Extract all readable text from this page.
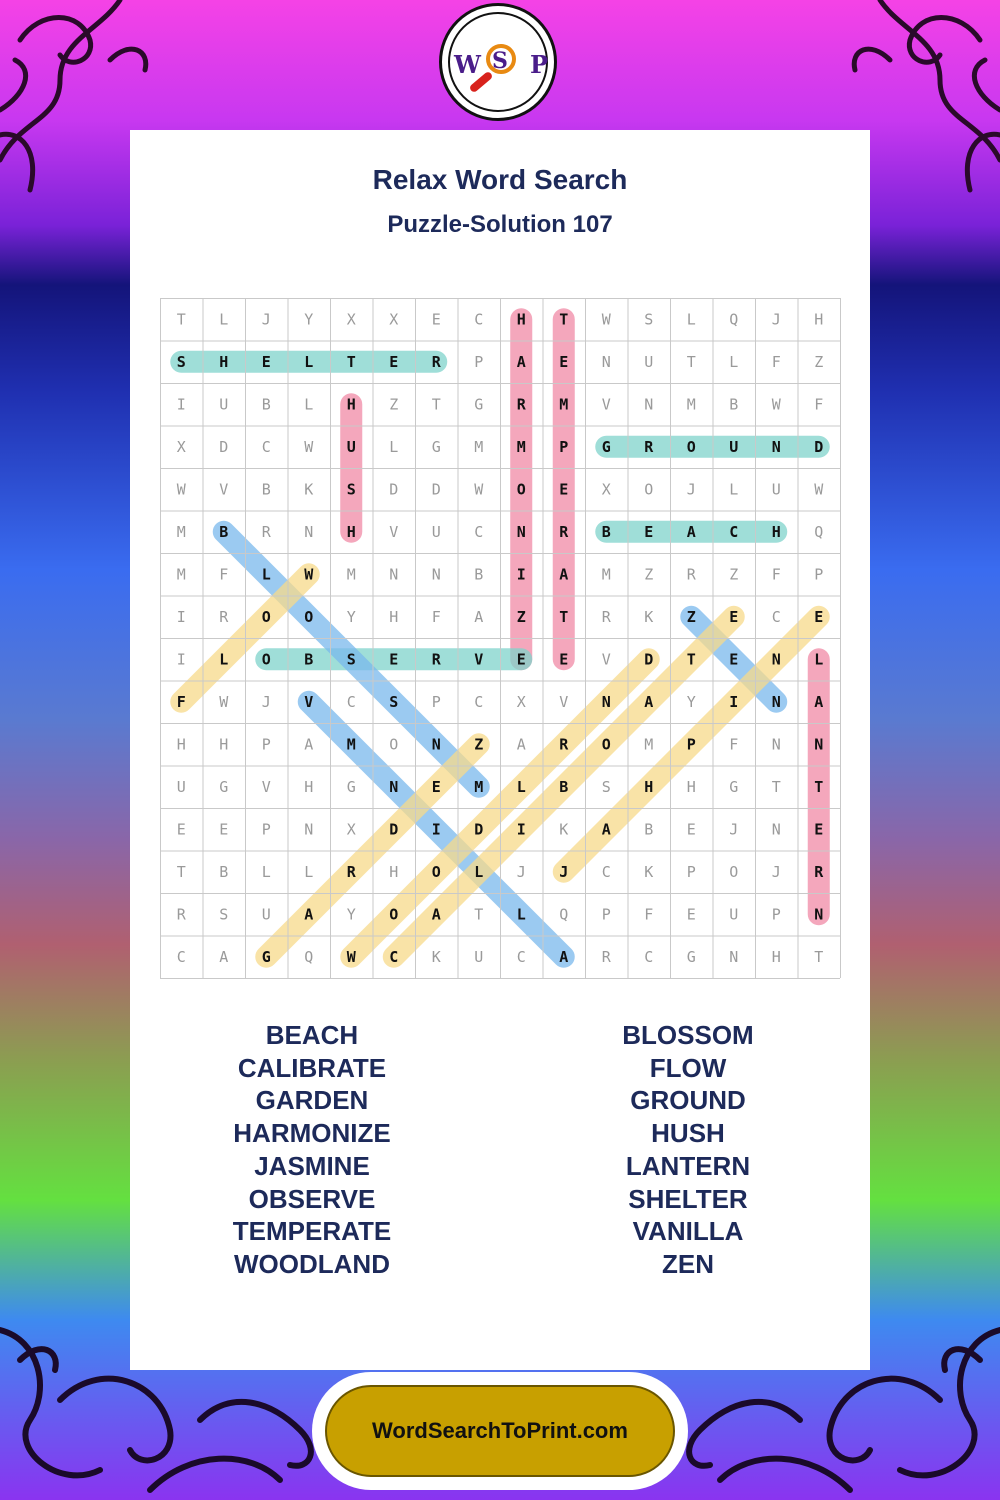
W S P
Relax Word Search
Puzzle-Solution 107
T L J Y X X E C H T W S L Q J H
S H E L T E R P A E N U T L F Z
I U B L H Z T G R M V N M B W F
X D C W U L G M M P G R O U N D
W V B K S D D W O E X O J L U W
M B R N H V U C N R B E A C H Q
M F L W M N N B I A M Z R Z F P
I R O O Y H F A Z T R K Z E C E
I L O B S E R V E E V D T E N L
F W J V C S P C X V N A Y I N A
H H P A M O N Z A R O M P F N N
U G V H G N E M L B S H H G T T
E E P N X D I D I K A B E J N E
T B L L R H O L J J C K P O J R
R S U A Y O A T L Q P F E U P N
C A G Q W C K U C A R C G N H T
BEACH
CALIBRATE
GARDEN
HARMONIZE
JASMINE
OBSERVE
TEMPERATE
WOODLAND
BLOSSOM
FLOW
GROUND
HUSH
LANTERN
SHELTER
VANILLA
ZEN
WordSearchToPrint.com
